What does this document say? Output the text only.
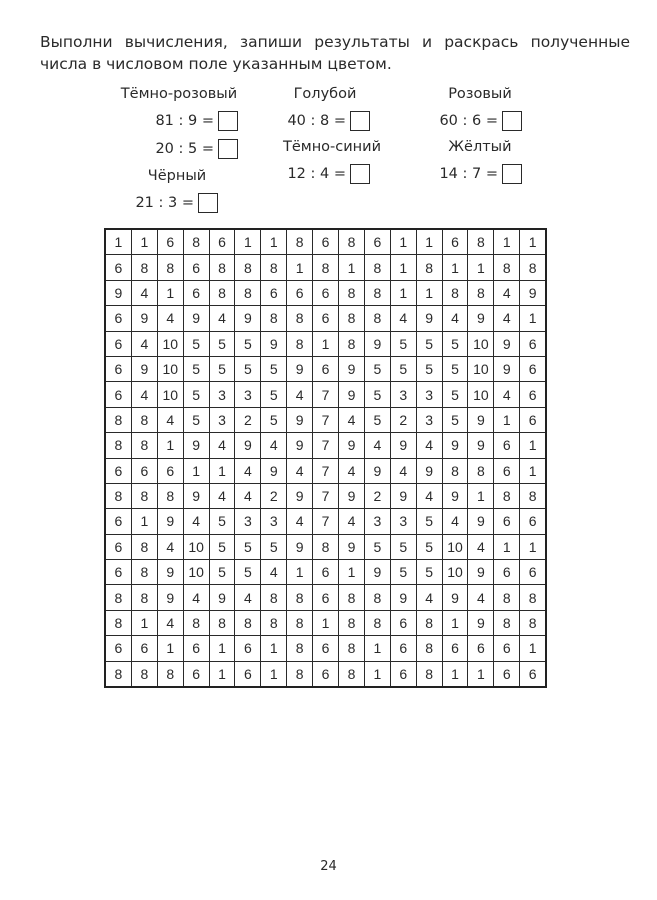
Выполни вычисления, запиши результаты и раскрась полученные числа в числовом поле указанным цветом.
Тёмно-розовый
81 : 9 =
20 : 5 =
Чёрный
21 : 3 =
Голубой
40 : 8 =
Тёмно-синий
12 : 4 =
Розовый
60 : 6 =
Жёлтый
14 : 7 =
1	1	6	8	6	1	1	8	6	8	6	1	1	6	8	1	1
6	8	8	6	8	8	8	1	8	1	8	1	8	1	1	8	8
9	4	1	6	8	8	6	6	6	8	8	1	1	8	8	4	9
6	9	4	9	4	9	8	8	6	8	8	4	9	4	9	4	1
6	4	10	5	5	5	9	8	1	8	9	5	5	5	10	9	6
6	9	10	5	5	5	5	9	6	9	5	5	5	5	10	9	6
6	4	10	5	3	3	5	4	7	9	5	3	3	5	10	4	6
8	8	4	5	3	2	5	9	7	4	5	2	3	5	9	1	6
8	8	1	9	4	9	4	9	7	9	4	9	4	9	9	6	1
6	6	6	1	1	4	9	4	7	4	9	4	9	8	8	6	1
8	8	8	9	4	4	2	9	7	9	2	9	4	9	1	8	8
6	1	9	4	5	3	3	4	7	4	3	3	5	4	9	6	6
6	8	4	10	5	5	5	9	8	9	5	5	5	10	4	1	1
6	8	9	10	5	5	4	1	6	1	9	5	5	10	9	6	6
8	8	9	4	9	4	8	8	6	8	8	9	4	9	4	8	8
8	1	4	8	8	8	8	8	1	8	8	6	8	1	9	8	8
6	6	1	6	1	6	1	8	6	8	1	6	8	6	6	6	1
8	8	8	6	1	6	1	8	6	8	1	6	8	1	1	6	6
24
